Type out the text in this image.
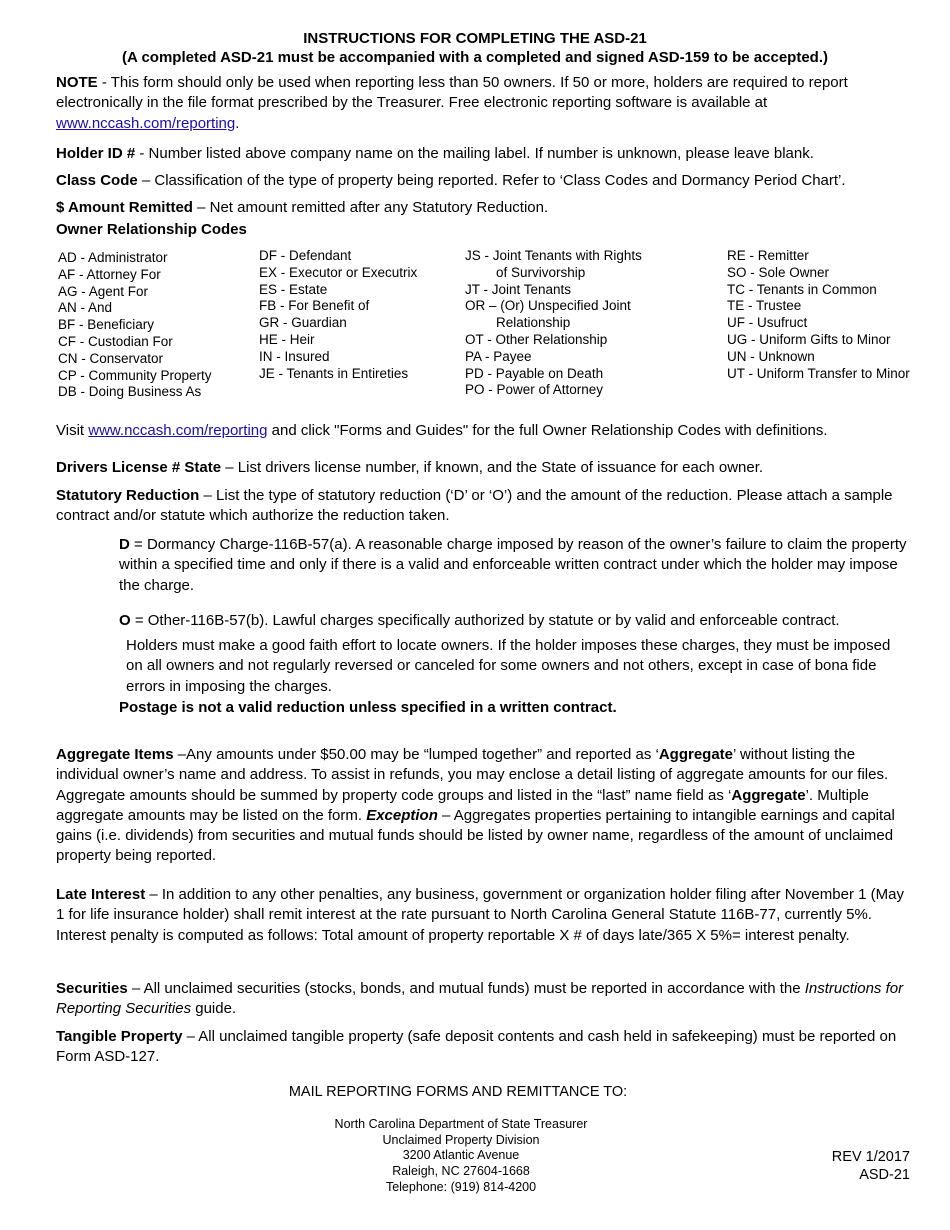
INSTRUCTIONS FOR COMPLETING THE ASD-21
(A completed ASD-21 must be accompanied with a completed and signed ASD-159 to be accepted.)
NOTE - This form should only be used when reporting less than 50 owners. If 50 or more, holders are required to report electronically in the file format prescribed by the Treasurer. Free electronic reporting software is available at www.nccash.com/reporting.
Holder ID # - Number listed above company name on the mailing label. If number is unknown, please leave blank.
Class Code – Classification of the type of property being reported. Refer to ‘Class Codes and Dormancy Period Chart’.
$ Amount Remitted – Net amount remitted after any Statutory Reduction.
Owner Relationship Codes
AD - Administrator
AF - Attorney For
AG - Agent For
AN - And
BF - Beneficiary
CF - Custodian For
CN - Conservator
CP - Community Property
DB - Doing Business As
DF - Defendant
EX - Executor or Executrix
ES - Estate
FB - For Benefit of
GR - Guardian
HE - Heir
IN - Insured
JE - Tenants in Entireties
JS - Joint Tenants with Rights
of Survivorship
JT - Joint Tenants
OR – (Or) Unspecified Joint
Relationship
OT - Other Relationship
PA - Payee
PD - Payable on Death
PO - Power of Attorney
RE - Remitter
SO - Sole Owner
TC - Tenants in Common
TE - Trustee
UF - Usufruct
UG - Uniform Gifts to Minor
UN - Unknown
UT - Uniform Transfer to Minor
Visit www.nccash.com/reporting and click "Forms and Guides" for the full Owner Relationship Codes with definitions.
Drivers License # State – List drivers license number, if known, and the State of issuance for each owner.
Statutory Reduction – List the type of statutory reduction (‘D’ or ‘O’) and the amount of the reduction. Please attach a sample contract and/or statute which authorize the reduction taken.
D = Dormancy Charge-116B-57(a). A reasonable charge imposed by reason of the owner’s failure to claim the property within a specified time and only if there is a valid and enforceable written contract under which the holder may impose the charge.
O = Other-116B-57(b). Lawful charges specifically authorized by statute or by valid and enforceable contract.
Holders must make a good faith effort to locate owners. If the holder imposes these charges, they must be imposed on all owners and not regularly reversed or canceled for some owners and not others, except in case of bona fide errors in imposing the charges.
Postage is not a valid reduction unless specified in a written contract.
Aggregate Items –Any amounts under $50.00 may be “lumped together” and reported as ‘Aggregate’ without listing the individual owner’s name and address. To assist in refunds, you may enclose a detail listing of aggregate amounts for our files. Aggregate amounts should be summed by property code groups and listed in the “last” name field as ‘Aggregate’. Multiple aggregate amounts may be listed on the form. Exception – Aggregates properties pertaining to intangible earnings and capital gains (i.e. dividends) from securities and mutual funds should be listed by owner name, regardless of the amount of unclaimed property being reported.
Late Interest – In addition to any other penalties, any business, government or organization holder filing after November 1 (May 1 for life insurance holder) shall remit interest at the rate pursuant to North Carolina General Statute 116B-77, currently 5%. Interest penalty is computed as follows: Total amount of property reportable X # of days late/365 X 5%= interest penalty.
Securities – All unclaimed securities (stocks, bonds, and mutual funds) must be reported in accordance with the Instructions for Reporting Securities guide.
Tangible Property – All unclaimed tangible property (safe deposit contents and cash held in safekeeping) must be reported on Form ASD-127.
MAIL REPORTING FORMS AND REMITTANCE TO:
North Carolina Department of State Treasurer
Unclaimed Property Division
3200 Atlantic Avenue
Raleigh, NC 27604-1668
Telephone: (919) 814-4200
REV 1/2017
ASD-21
